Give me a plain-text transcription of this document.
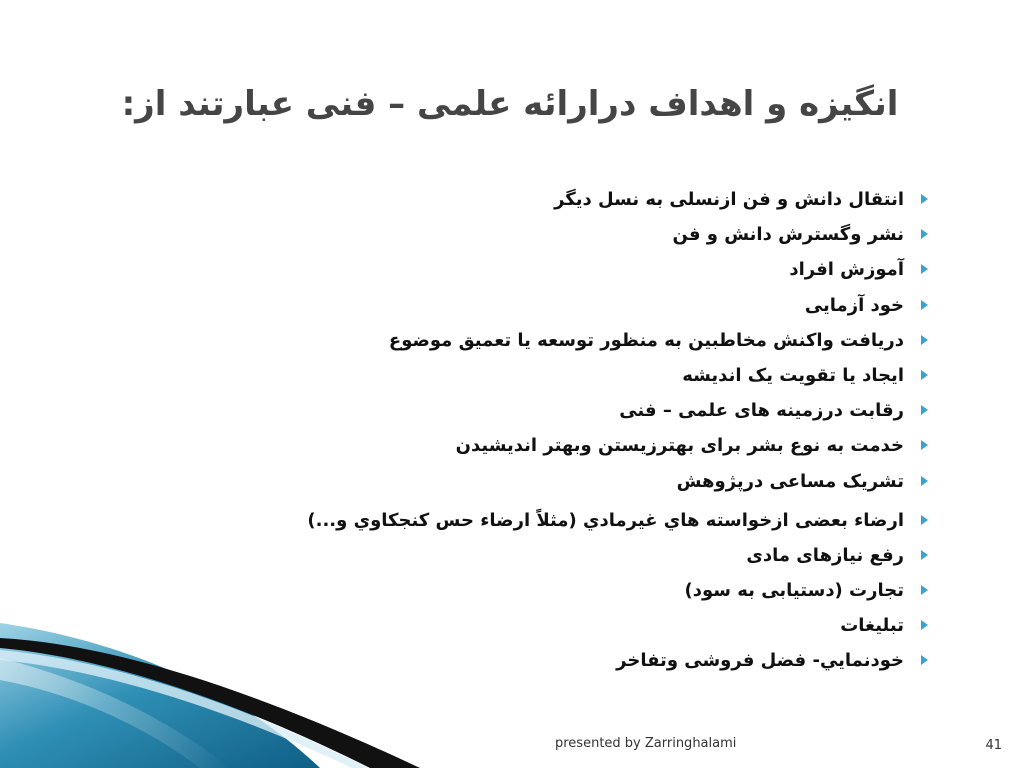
انگیزه و اهداف درارائه علمی – فنی عبارتند از:
انتقال دانش و فن ازنسلی به نسل دیگر
نشر وگسترش دانش و فن
آموزش افراد
خود آزمایی
دریافت واکنش مخاطبین به منظور توسعه یا تعمیق موضوع
ایجاد یا تقویت یک اندیشه
رقابت درزمینه های علمی – فنی
خدمت به نوع بشر برای بهترزیستن وبهتر اندیشیدن
تشریک مساعی درپژوهش
ارضاء بعضی ازخواسته هاي غيرمادي (مثلاً ارضاء حس كنجكاوي و...)
رفع نیازهای مادی
تجارت (دستیابی به سود)
تبلیغات
خودنمايي- فضل فروشی وتفاخر
presented by Zarringhalami	41
